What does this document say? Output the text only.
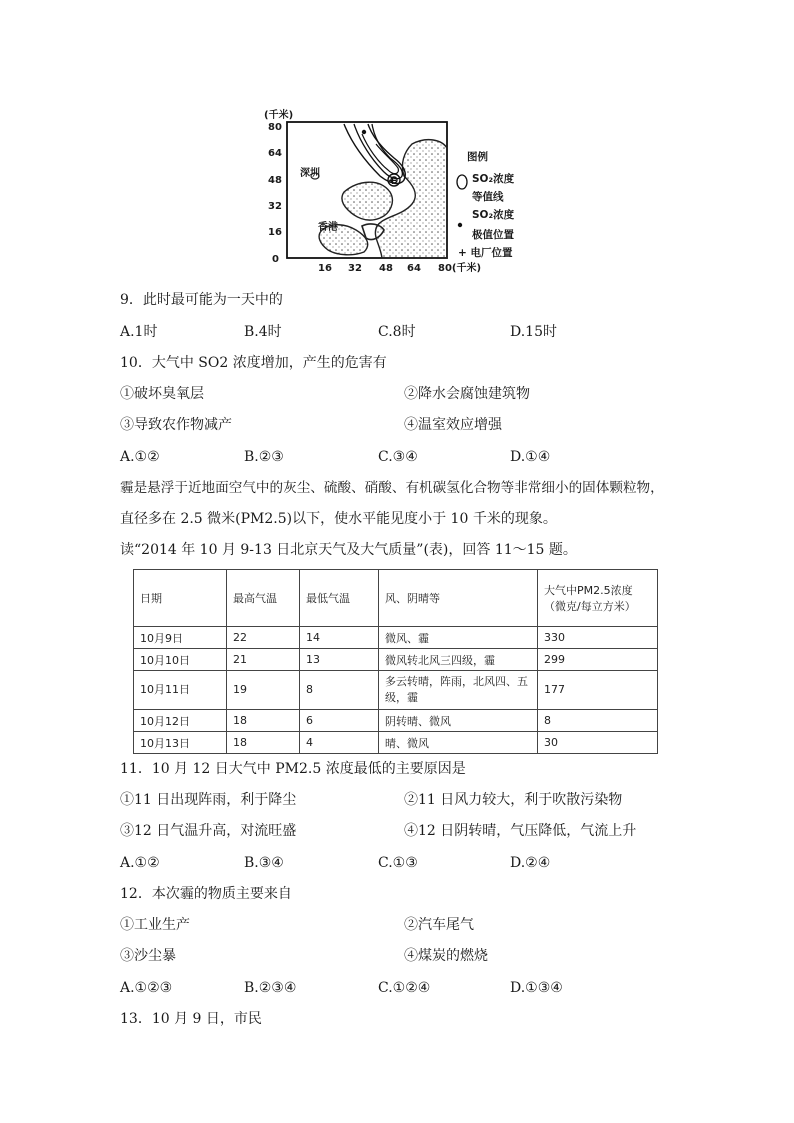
(千米)
80
64
48
32
16
0
+
深圳
香港
16 32 48 64 80(千米)
图例
SO₂浓度
等值线
SO₂浓度
极值位置
+ 电厂位置
9．此时最可能为一天中的
A.1时	B.4时	C.8时	D.15时
10．大气中 SO2 浓度增加，产生的危害有
①破坏臭氧层	②降水会腐蚀建筑物
③导致农作物减产	④温室效应增强
A.①②	B.②③	C.③④	D.①④
霾是悬浮于近地面空气中的灰尘、硫酸、硝酸、有机碳氢化合物等非常细小的固体颗粒物，
直径多在 2.5 微米(PM2.5)以下，使水平能见度小于 10 千米的现象。
读“2014 年 10 月 9-13 日北京天气及大气质量”(表)，回答 11～15 题。
日期	最高气温	最低气温	风、阴晴等	大气中PM2.5浓度（微克/每立方米）
10月9日	22	14	微风、霾	330
10月10日	21	13	微风转北风三四级，霾	299
10月11日	19	8	多云转晴，阵雨，北风四、五级，霾	177
10月12日	18	6	阴转晴、微风	8
10月13日	18	4	晴、微风	30
11．10 月 12 日大气中 PM2.5 浓度最低的主要原因是
①11 日出现阵雨，利于降尘	②11 日风力较大，利于吹散污染物
③12 日气温升高，对流旺盛	④12 日阴转晴，气压降低，气流上升
A.①②	B.③④	C.①③	D.②④
12．本次霾的物质主要来自
①工业生产	②汽车尾气
③沙尘暴	④煤炭的燃烧
A.①②③	B.②③④	C.①②④	D.①③④
13．10 月 9 日，市民
